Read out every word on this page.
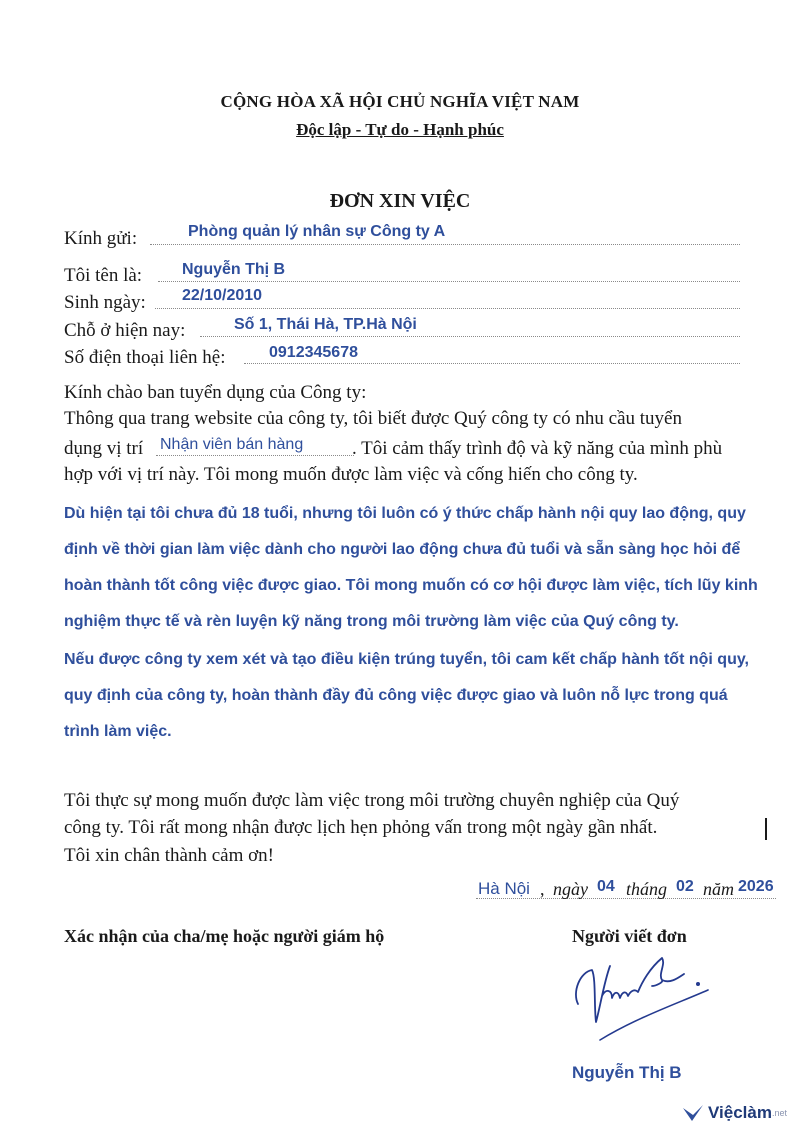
CỘNG HÒA XÃ HỘI CHỦ NGHĨA VIỆT NAM
Độc lập - Tự do - Hạnh phúc
ĐƠN XIN VIỆC
Kính gửi:	Phòng quản lý nhân sự Công ty A
Tôi tên là: Nguyễn Thị B
Sinh ngày: 22/10/2010
Chỗ ở hiện nay:	Số 1, Thái Hà, TP.Hà Nội
Số điện thoại liên hệ:	0912345678
Kính chào ban tuyển dụng của Công ty:
Thông qua trang website của công ty, tôi biết được Quý công ty có nhu cầu tuyển
dụng vị trí Nhận viên bán hàng	. Tôi cảm thấy trình độ và kỹ năng của mình phù
hợp với vị trí này. Tôi mong muốn được làm việc và cống hiến cho công ty.

Dù hiện tại tôi chưa đủ 18 tuổi, nhưng tôi luôn có ý thức chấp hành nội quy lao động, quy định về thời gian làm việc dành cho người lao động chưa đủ tuổi và sẵn sàng học hỏi để hoàn thành tốt công việc được giao. Tôi mong muốn có cơ hội được làm việc, tích lũy kinh nghiệm thực tế và rèn luyện kỹ năng trong môi trường làm việc của Quý công ty.

Nếu được công ty xem xét và tạo điều kiện trúng tuyển, tôi cam kết chấp hành tốt nội quy, quy định của công ty, hoàn thành đầy đủ công việc được giao và luôn nỗ lực trong quá trình làm việc.

Tôi thực sự mong muốn được làm việc trong môi trường chuyên nghiệp của Quý
công ty. Tôi rất mong nhận được lịch hẹn phỏng vấn trong một ngày gần nhất.
Tôi xin chân thành cảm ơn!
Hà Nội , ngày 04 tháng 02 năm 2026
Xác nhận của cha/mẹ hoặc người giám hộ	Người viết đơn
Nguyễn Thị B
Việclàm.net
